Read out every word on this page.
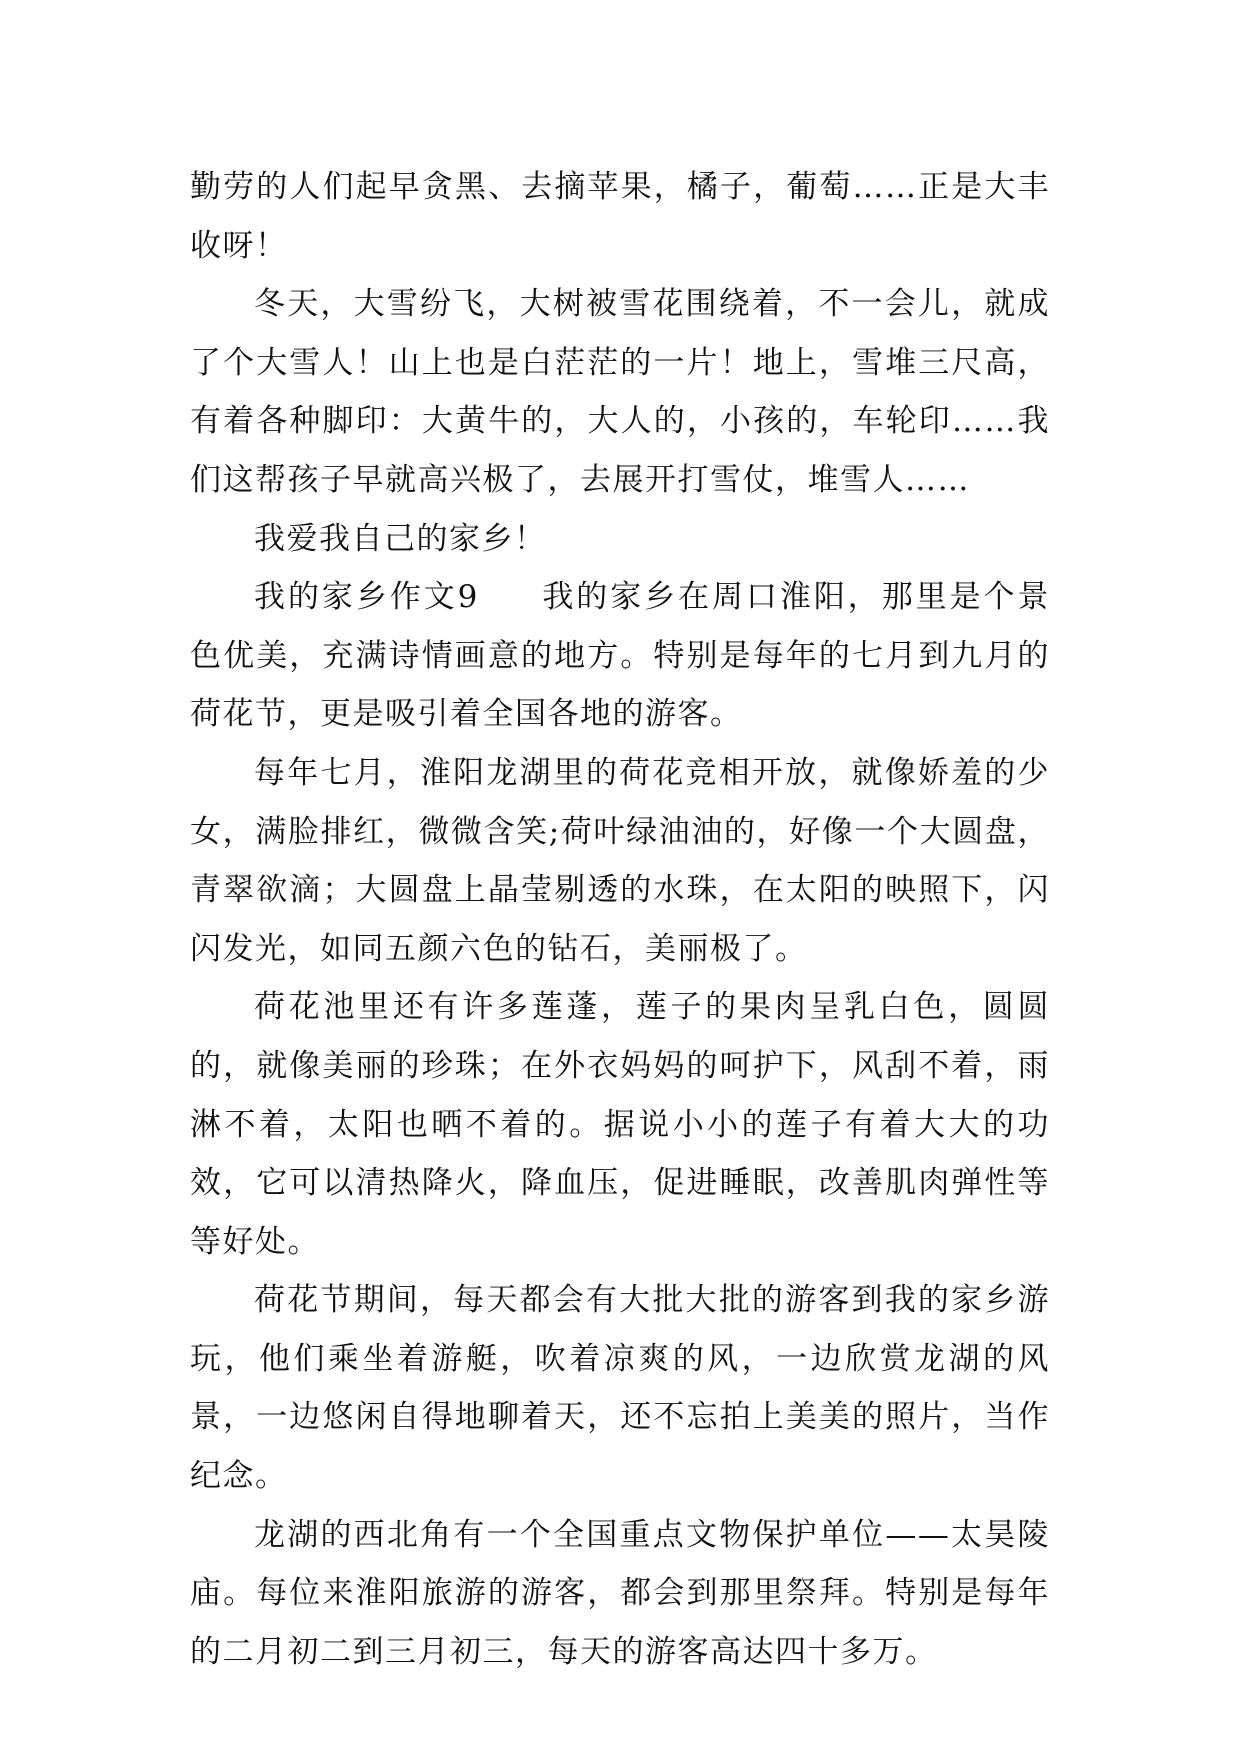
勤劳的人们起早贪黑、去摘苹果，橘子，葡萄……正是大丰收呀！

冬天，大雪纷飞，大树被雪花围绕着，不一会儿，就成了个大雪人！山上也是白茫茫的一片！地上，雪堆三尺高，有着各种脚印：大黄牛的，大人的，小孩的，车轮印……我们这帮孩子早就高兴极了，去展开打雪仗，堆雪人……

我爱我自己的家乡！

我的家乡作文9 我的家乡在周口淮阳，那里是个景色优美，充满诗情画意的地方。特别是每年的七月到九月的荷花节，更是吸引着全国各地的游客。

每年七月，淮阳龙湖里的荷花竞相开放，就像娇羞的少女，满脸排红，微微含笑;荷叶绿油油的，好像一个大圆盘，青翠欲滴；大圆盘上晶莹剔透的水珠，在太阳的映照下，闪闪发光，如同五颜六色的钻石，美丽极了。

荷花池里还有许多莲蓬，莲子的果肉呈乳白色，圆圆的，就像美丽的珍珠；在外衣妈妈的呵护下，风刮不着，雨淋不着，太阳也晒不着的。据说小小的莲子有着大大的功效，它可以清热降火，降血压，促进睡眠，改善肌肉弹性等等好处。

荷花节期间，每天都会有大批大批的游客到我的家乡游玩，他们乘坐着游艇，吹着凉爽的风，一边欣赏龙湖的风景，一边悠闲自得地聊着天，还不忘拍上美美的照片，当作纪念。

龙湖的西北角有一个全国重点文物保护单位——太昊陵庙。每位来淮阳旅游的游客，都会到那里祭拜。特别是每年的二月初二到三月初三，每天的游客高达四十多万。
